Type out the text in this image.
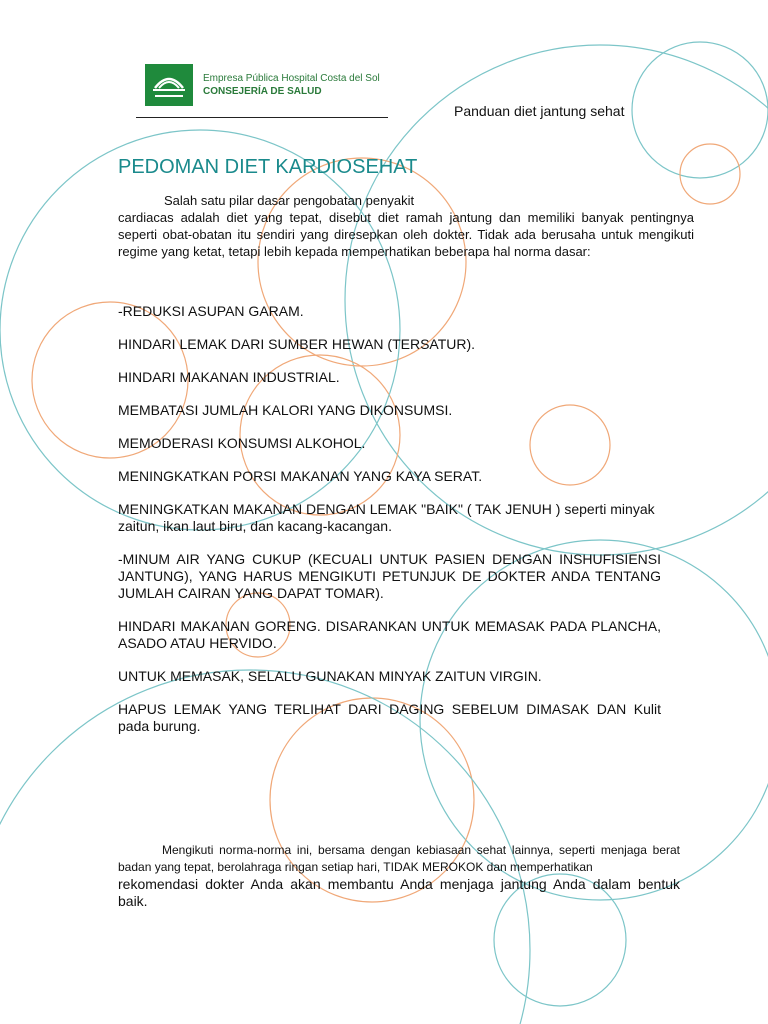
Empresa Pública Hospital Costa del Sol
CONSEJERÍA DE SALUD
Panduan diet jantung sehat
PEDOMAN DIET KARDIOSEHAT

Salah satu pilar dasar pengobatan penyakit

cardiacas adalah diet yang tepat, disebut diet ramah jantung dan memiliki banyak pentingnya seperti obat-obatan itu sendiri yang diresepkan oleh dokter. Tidak ada berusaha untuk mengikuti regime yang ketat, tetapi lebih kepada memperhatikan beberapa hal norma dasar:

-REDUKSI ASUPAN GARAM.

HINDARI LEMAK DARI SUMBER HEWAN (TERSATUR).

HINDARI MAKANAN INDUSTRIAL.

MEMBATASI JUMLAH KALORI YANG DIKONSUMSI.

MEMODERASI KONSUMSI ALKOHOL.

MENINGKATKAN PORSI MAKANAN YANG KAYA SERAT.

MENINGKATKAN MAKANAN DENGAN LEMAK "BAIK" ( TAK JENUH ) seperti minyak zaitun, ikan laut biru, dan kacang-kacangan.

-MINUM AIR YANG CUKUP (KECUALI UNTUK PASIEN DENGAN INSHUFISIENSI JANTUNG), YANG HARUS MENGIKUTI PETUNJUK DE DOKTER ANDA TENTANG JUMLAH CAIRAN YANG DAPAT TOMAR).

HINDARI MAKANAN GORENG. DISARANKAN UNTUK MEMASAK PADA PLANCHA, ASADO ATAU HERVIDO.

UNTUK MEMASAK, SELALU GUNAKAN MINYAK ZAITUN VIRGIN.

HAPUS LEMAK YANG TERLIHAT DARI DAGING SEBELUM DIMASAK DAN Kulit pada burung.

Mengikuti norma-norma ini, bersama dengan kebiasaan sehat lainnya, seperti menjaga berat badan yang tepat, berolahraga ringan setiap hari, TIDAK MEROKOK dan memperhatikan

rekomendasi dokter Anda akan membantu Anda menjaga jantung Anda dalam bentuk baik.
